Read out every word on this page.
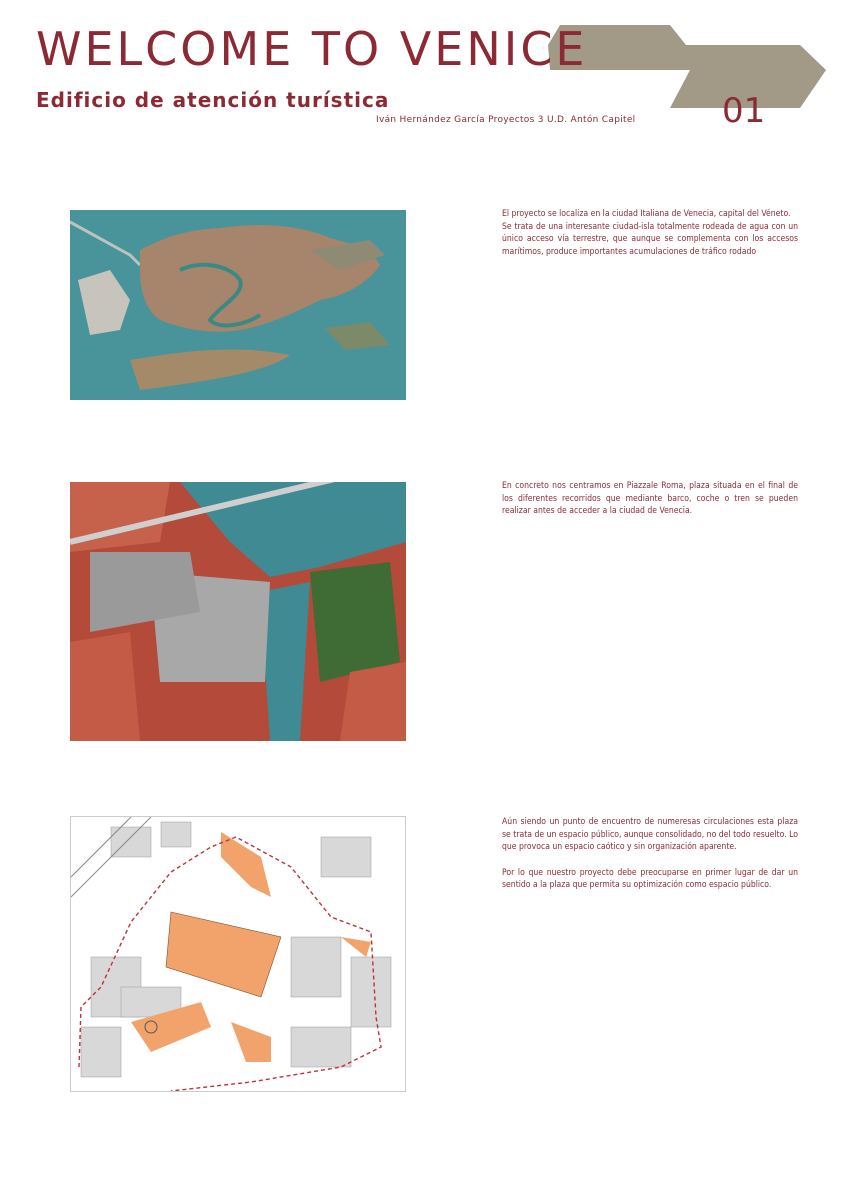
WELCOME TO VENICE
Edificio de atención turística
Iván Hernández García Proyectos 3 U.D. Antón Capitel	01

El proyecto se localiza en la ciudad Italiana de Venecia, capital del Véneto.
Se trata de una interesante ciudad-isla totalmente rodeada de agua con un único acceso vía terrestre, que aunque se complementa con los accesos marítimos, produce importantes acumulaciones de tráfico rodado

En concreto nos centramos en Piazzale Roma, plaza situada en el final de los diferentes recorridos que mediante barco, coche o tren se pueden realizar antes de acceder a la ciudad de Venecia.

Aún siendo un punto de encuentro de numeresas circulaciones esta plaza se trata de un espacio público, aunque consolidado, no del todo resuelto. Lo que provoca un espacio caótico y sin organización aparente.

Por lo que nuestro proyecto debe preocuparse en primer lugar de dar un sentido a la plaza que permita su optimización como espacio público.
